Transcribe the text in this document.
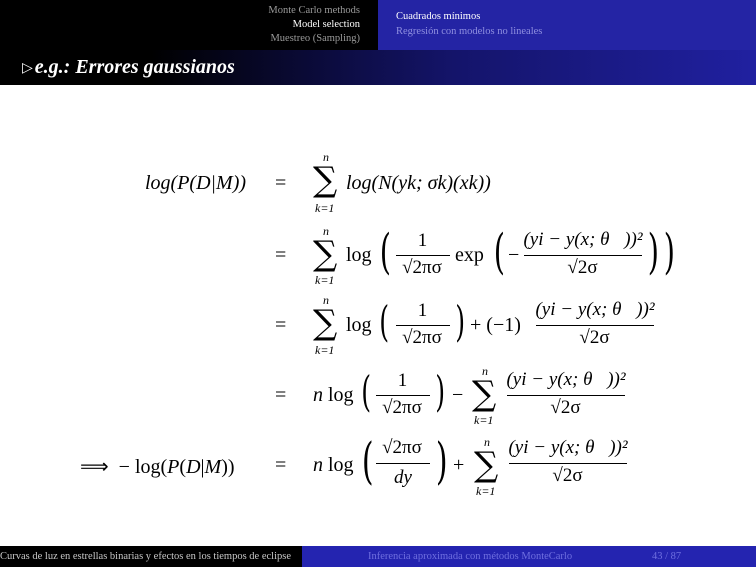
Monte Carlo methods
Model selection
Muestreo (Sampling)
Cuadrados mínimos
Regresión con modelos no lineales
▷ e.g.: Errores gaussianos
log(P(D|M)) =
n
∑
k=1
log(N(yk; σk)(xk))
=
n
∑
k=1
log (	1
√2πσ
exp ( −
(yi − y(x; θ⃗))²
√2σ ) )
=
n
∑
k=1
log (	1
√2πσ ) + (−1)
(yi − y(x; θ⃗))²
√2σ
= n log (	1
√2πσ ) −
n
∑
k=1
(yi − y(x; θ⃗))²
√2σ
⟹  − log(P(D|M)) = n log ( √2πσ
dy ) +
n
∑
k=1
(yi − y(x; θ⃗))²
√2σ
Curvas de luz en estrellas binarias y efectos en los tiempos de eclipse	Inferencia aproximada con métodos MonteCarlo	43 / 87
